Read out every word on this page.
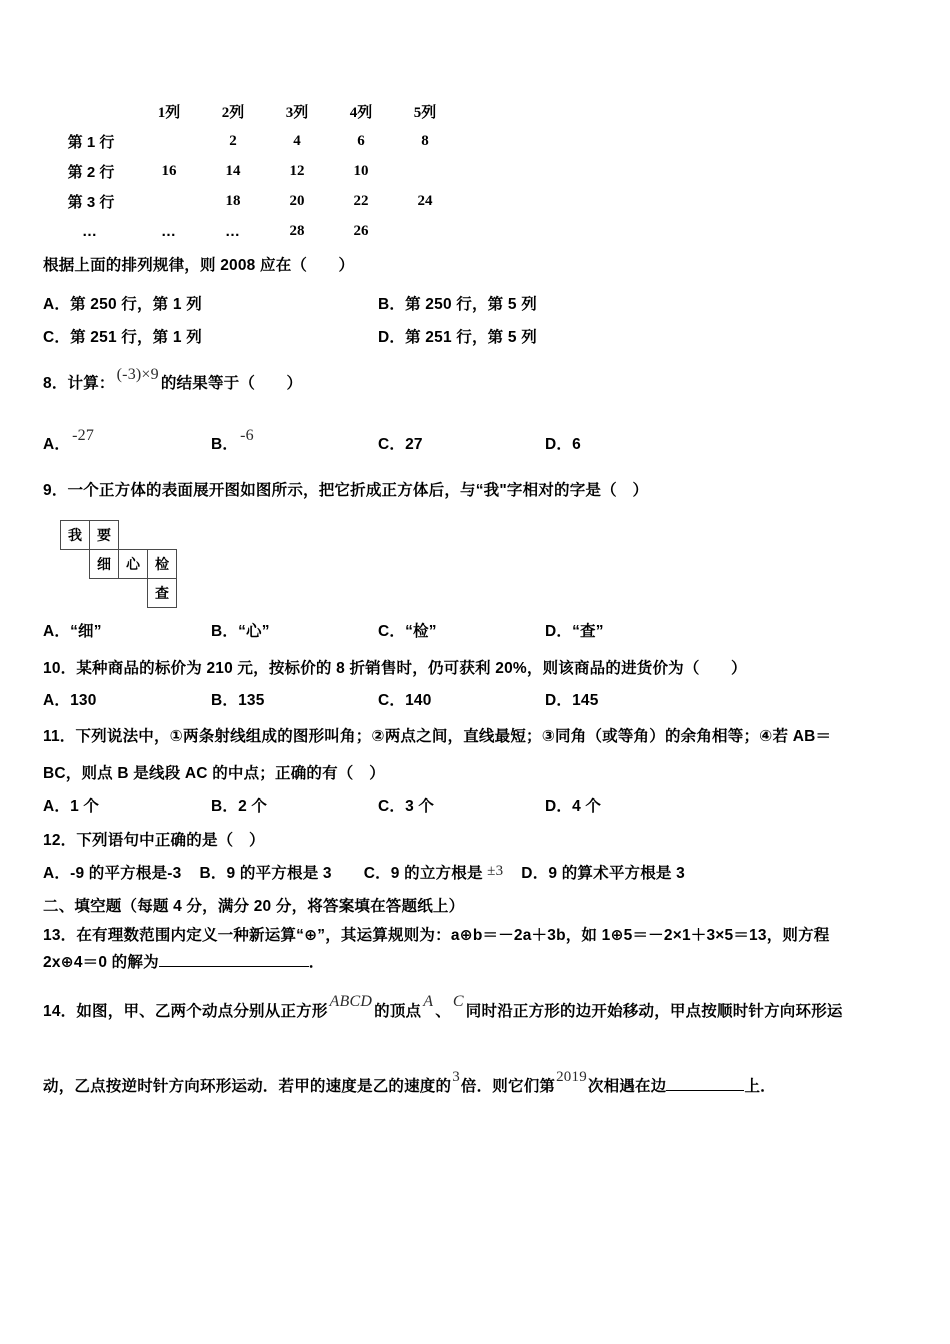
	1列	2列	3列	4列	5列
第 1 行		2	4	6	8
第 2 行	16	14	12	10	
第 3 行		18	20	22	24
…	…	…	28	26	
根据上面的排列规律，则 2008 应在（　　）
A．第 250 行，第 1 列	B．第 250 行，第 5 列
C．第 251 行，第 1 列	D．第 251 行，第 5 列
8．计算：(-3)×9的结果等于（　　）
A．-27
B．-6
C．27	D．6
9．一个正方体的表面展开图如图所示，把它折成正方体后，与“我"字相对的字是（　）
我	要
细	心	检
查
A．“细”	B．“心”	C．“检”	D．“查”
10．某种商品的标价为 210 元，按标价的 8 折销售时，仍可获利 20%，则该商品的进货价为（　　）
A．130	B．135	C．140	D．145
11．下列说法中，①两条射线组成的图形叫角；②两点之间，直线最短；③同角（或等角）的余角相等；④若 AB＝
BC，则点 B 是线段 AC 的中点；正确的有（　）
A．1 个	B．2 个	C．3 个	D．4 个
12．下列语句中正确的是（　）
A．-9 的平方根是-3 B．9 的平方根是 3 C．9 的立方根是 ±3 D．9 的算术平方根是 3
二、填空题（每题 4 分，满分 20 分，将答案填在答题纸上）
13．在有理数范围内定义一种新运算“⊕”，其运算规则为：a⊕b＝－2a＋3b，如 1⊕5＝－2×1＋3×5＝13，则方程
2x⊕4＝0 的解为	．
14．如图，甲、乙两个动点分别从正方形ABCD的顶点A、C同时沿正方形的边开始移动，甲点按顺时针方向环形运
动，乙点按逆时针方向环形运动．若甲的速度是乙的速度的3倍．则它们第2019次相遇在边	上．
